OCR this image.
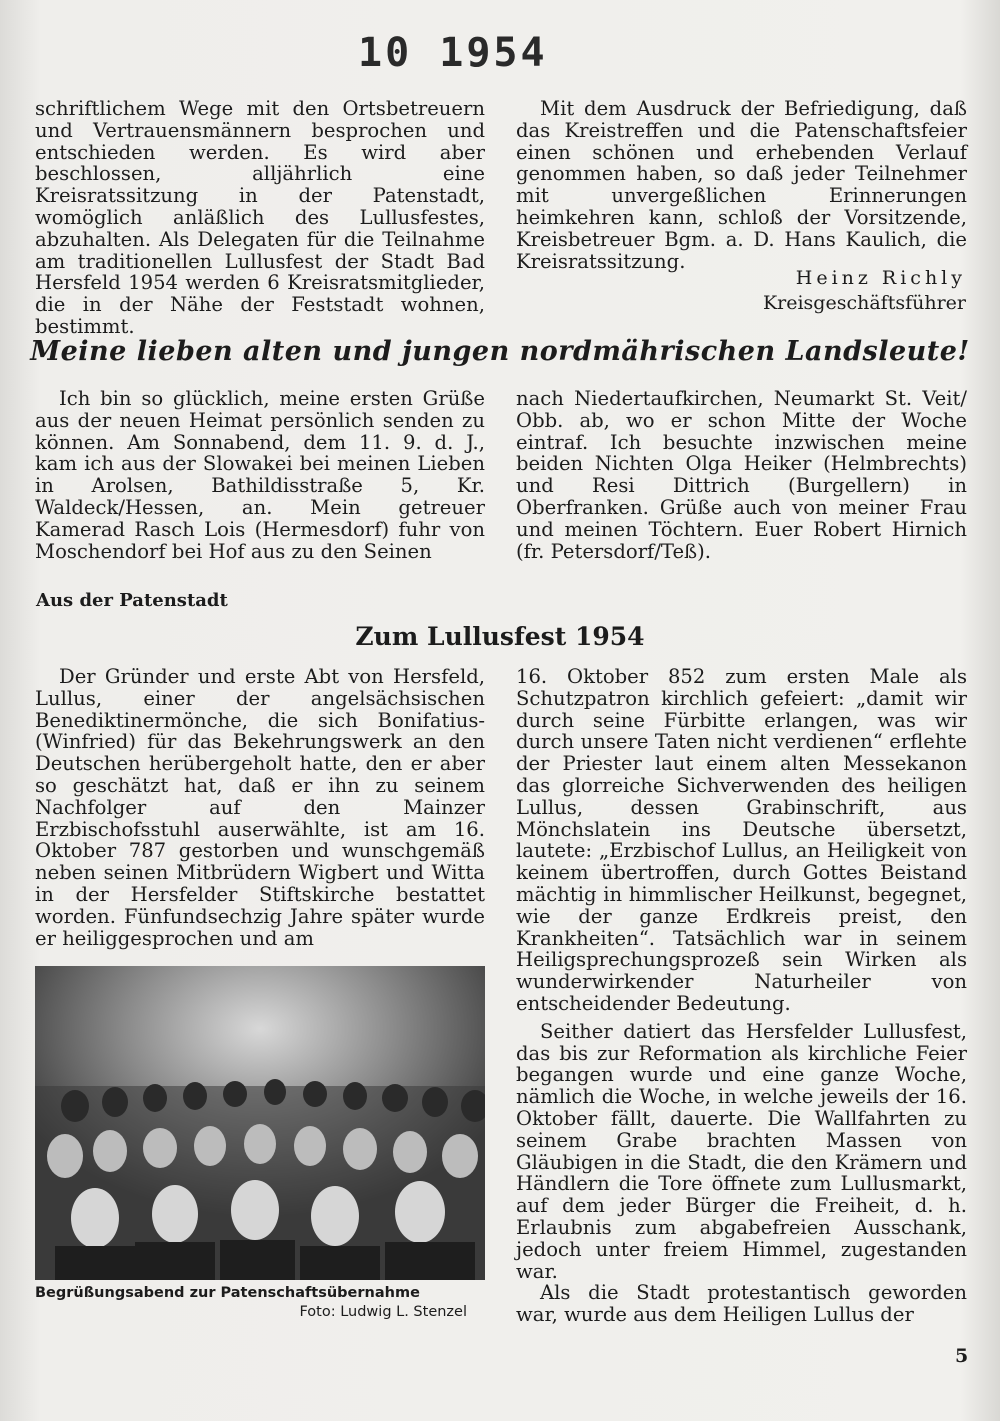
10 1954

schriftlichem Wege mit den Ortsbetreuern und Vertrauensmännern besprochen und entschieden werden. Es wird aber beschlossen, alljährlich eine Kreisratssitzung in der Patenstadt, womöglich anläßlich des Lullusfestes, abzuhalten. Als Delegaten für die Teilnahme am traditionellen Lullusfest der Stadt Bad Hersfeld 1954 werden 6 Kreisratsmitglieder, die in der Nähe der Feststadt wohnen, bestimmt.

Mit dem Ausdruck der Befriedigung, daß das Kreistreffen und die Patenschaftsfeier einen schönen und erhebenden Verlauf genommen haben, so daß jeder Teilnehmer mit unvergeßlichen Erinnerungen heimkehren kann, schloß der Vorsitzende, Kreisbetreuer Bgm. a. D. Hans Kaulich, die Kreisratssitzung.

Heinz Richly
Kreisgeschäftsführer
Meine lieben alten und jungen nordmährischen Landsleute!

Ich bin so glücklich, meine ersten Grüße aus der neuen Heimat persönlich senden zu können. Am Sonnabend, dem 11. 9. d. J., kam ich aus der Slowakei bei meinen Lieben in Arolsen, Bathildisstraße 5, Kr. Waldeck/Hessen, an. Mein getreuer Kamerad Rasch Lois (Hermesdorf) fuhr von Moschendorf bei Hof aus zu den Seinen

nach Niedertaufkirchen, Neumarkt St. Veit/ Obb. ab, wo er schon Mitte der Woche eintraf. Ich besuchte inzwischen meine beiden Nichten Olga Heiker (Helmbrechts) und Resi Dittrich (Burgellern) in Oberfranken. Grüße auch von meiner Frau und meinen Töchtern. Euer Robert Hirnich (fr. Petersdorf/Teß).

Aus der Patenstadt
Zum Lullusfest 1954

Der Gründer und erste Abt von Hersfeld, Lullus, einer der angelsächsischen Benediktinermönche, die sich Bonifatius- (Winfried) für das Bekehrungswerk an den Deutschen herübergeholt hatte, den er aber so geschätzt hat, daß er ihn zu seinem Nachfolger auf den Mainzer Erzbischofsstuhl auserwählte, ist am 16. Oktober 787 gestorben und wunschgemäß neben seinen Mitbrüdern Wigbert und Witta in der Hersfelder Stiftskirche bestattet worden. Fünfundsechzig Jahre später wurde er heiliggesprochen und am

16. Oktober 852 zum ersten Male als Schutzpatron kirchlich gefeiert: „damit wir durch seine Fürbitte erlangen, was wir durch unsere Taten nicht verdienen“ erflehte der Priester laut einem alten Messekanon das glorreiche Sichverwenden des heiligen Lullus, dessen Grabinschrift, aus Mönchslatein ins Deutsche übersetzt, lautete: „Erzbischof Lullus, an Heiligkeit von keinem übertroffen, durch Gottes Beistand mächtig in himmlischer Heilkunst, begegnet, wie der ganze Erdkreis preist, den Krankheiten“. Tatsächlich war in seinem Heiligsprechungsprozeß sein Wirken als wunderwirkender Naturheiler von entscheidender Bedeutung.

Seither datiert das Hersfelder Lullusfest, das bis zur Reformation als kirchliche Feier begangen wurde und eine ganze Woche, nämlich die Woche, in welche jeweils der 16. Oktober fällt, dauerte. Die Wallfahrten zu seinem Grabe brachten Massen von Gläubigen in die Stadt, die den Krämern und Händlern die Tore öffnete zum Lullusmarkt, auf dem jeder Bürger die Freiheit, d. h. Erlaubnis zum abgabefreien Ausschank, jedoch unter freiem Himmel, zugestanden war.

Als die Stadt protestantisch geworden war, wurde aus dem Heiligen Lullus der

Begrüßungsabend zur Patenschaftsübernahme
Foto: Ludwig L. Stenzel
5
